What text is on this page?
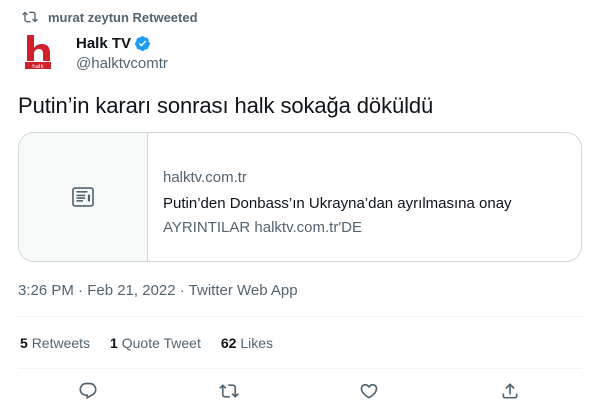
murat zeytun Retweeted
halk
Halk TV
@halktvcomtr
Putin’in kararı sonrası halk sokağa döküldü
halktv.com.tr
Putin’den Donbass’ın Ukrayna’dan ayrılmasına onay
AYRINTILAR halktv.com.tr'DE
3:26 PM · Feb 21, 2022 · Twitter Web App
5 Retweets 1 Quote Tweet 62 Likes
